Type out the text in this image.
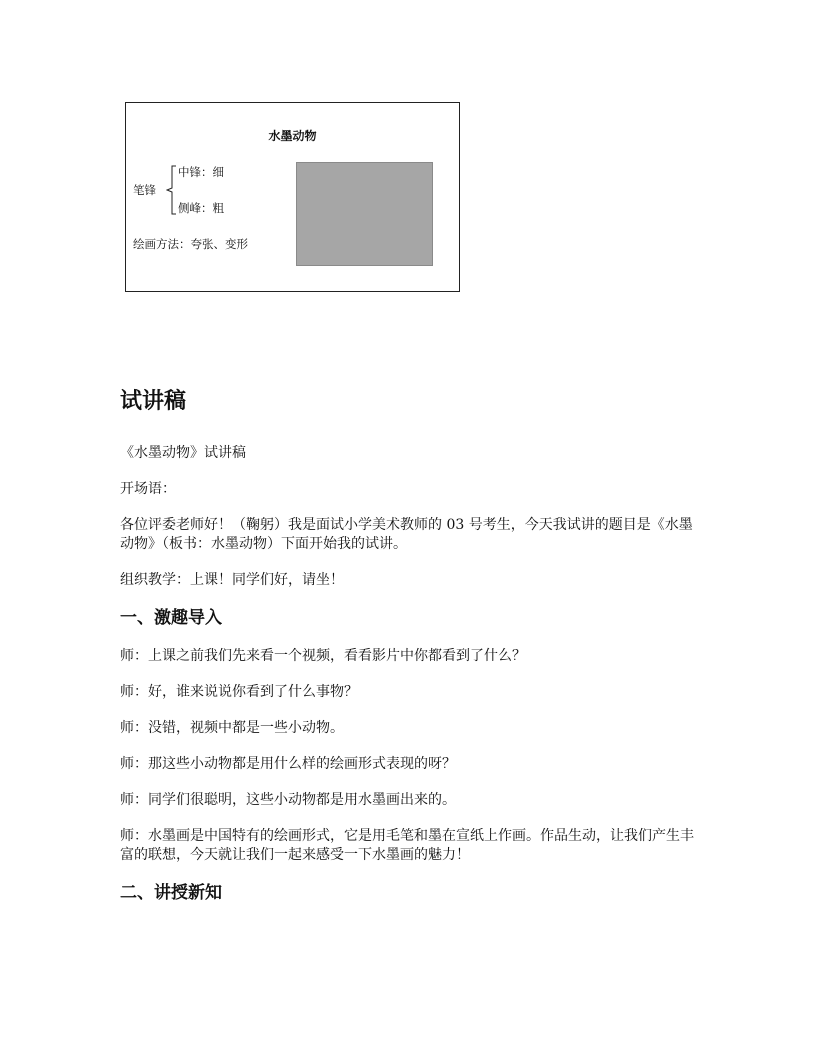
水墨动物
笔锋
中锋：细
侧峰：粗
绘画方法：夸张、变形
试讲稿

《水墨动物》试讲稿

开场语：

各位评委老师好！（鞠躬）我是面试小学美术教师的 03 号考生，今天我试讲的题目是《水墨动物》（板书：水墨动物）下面开始我的试讲。

组织教学：上课！同学们好，请坐！

一、激趣导入

师：上课之前我们先来看一个视频，看看影片中你都看到了什么？

师：好，谁来说说你看到了什么事物？

师：没错，视频中都是一些小动物。

师：那这些小动物都是用什么样的绘画形式表现的呀？

师：同学们很聪明，这些小动物都是用水墨画出来的。

师：水墨画是中国特有的绘画形式，它是用毛笔和墨在宣纸上作画。作品生动，让我们产生丰富的联想，今天就让我们一起来感受一下水墨画的魅力！

二、讲授新知
